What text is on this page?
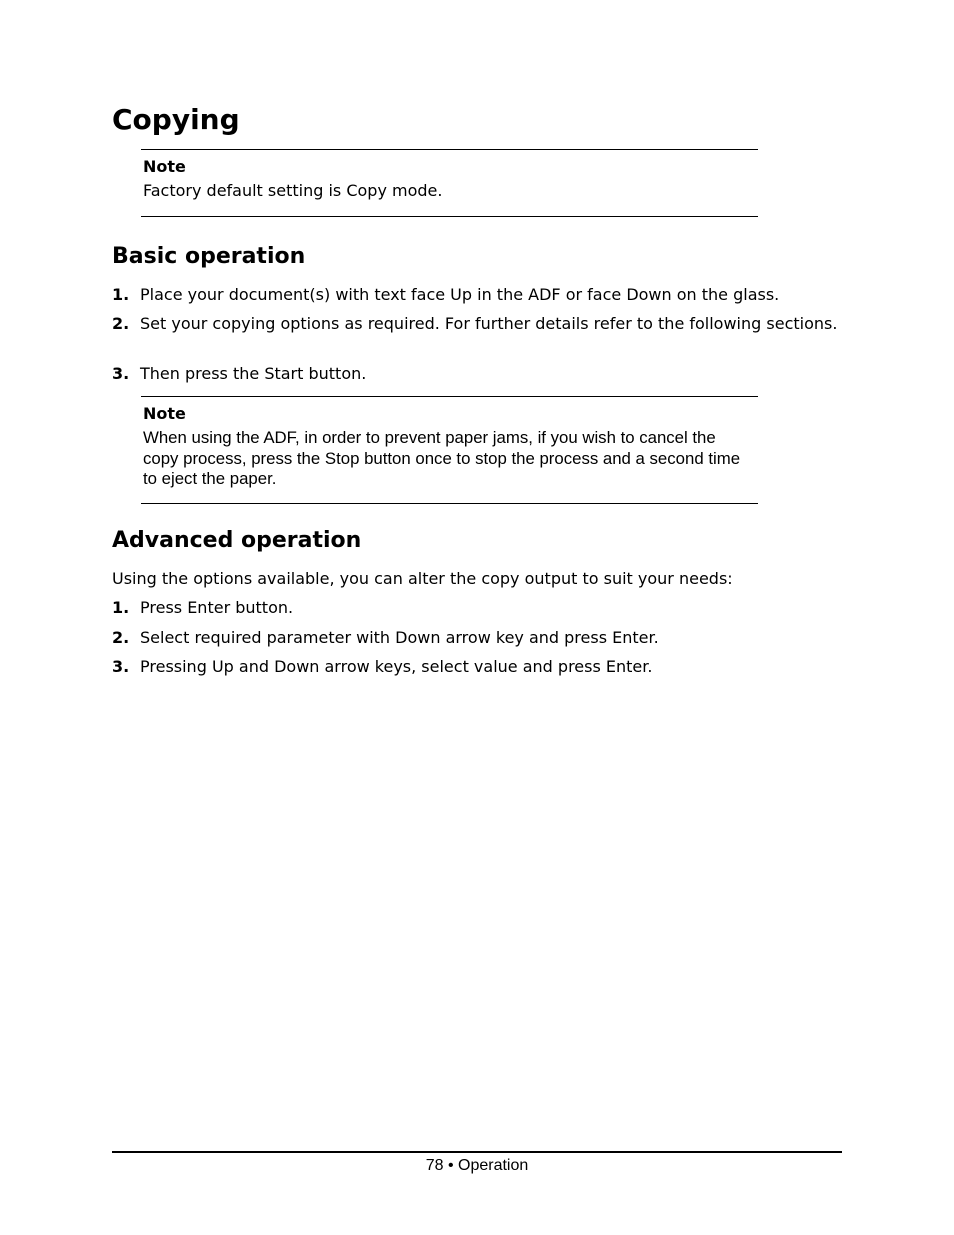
Copying
Note
Factory default setting is Copy mode.
Basic operation
1. Place your document(s) with text face Up in the ADF or face Down on the glass.
2. Set your copying options as required. For further details refer to the following sections.
3. Then press the Start button.
Note
When using the ADF, in order to prevent paper jams, if you wish to cancel the copy process, press the Stop button once to stop the process and a second time to eject the paper.
Advanced operation
Using the options available, you can alter the copy output to suit your needs:
1. Press Enter button.
2. Select required parameter with Down arrow key and press Enter.
3. Pressing Up and Down arrow keys, select value and press Enter.
78 • Operation
